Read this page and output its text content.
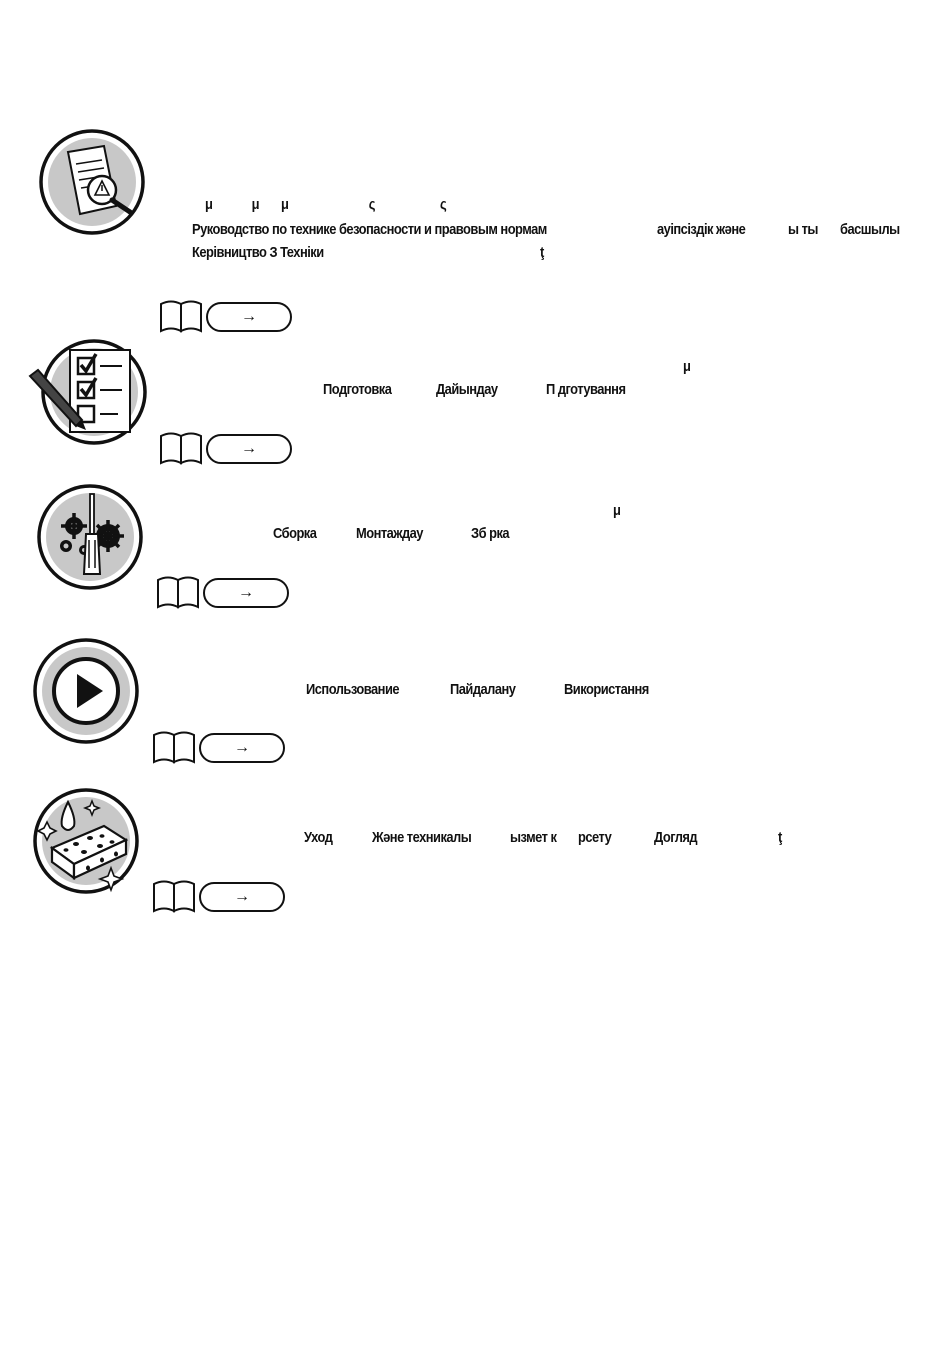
μ	μ μ	ς	ς
Руководство по технике безопасности и правовым нормам	ауіпсіздік және	ы ты басшылы
Керівництво З Техніки	ţ
→
μ
Подготовка	Дайындау	П дготування
→
μ
Сборка	Монтаждау	Зб рка
→
Использование	Пайдалану	Використання
→
Уход	Және техникалы	ызмет к рсету	Догляд	ţ
→
